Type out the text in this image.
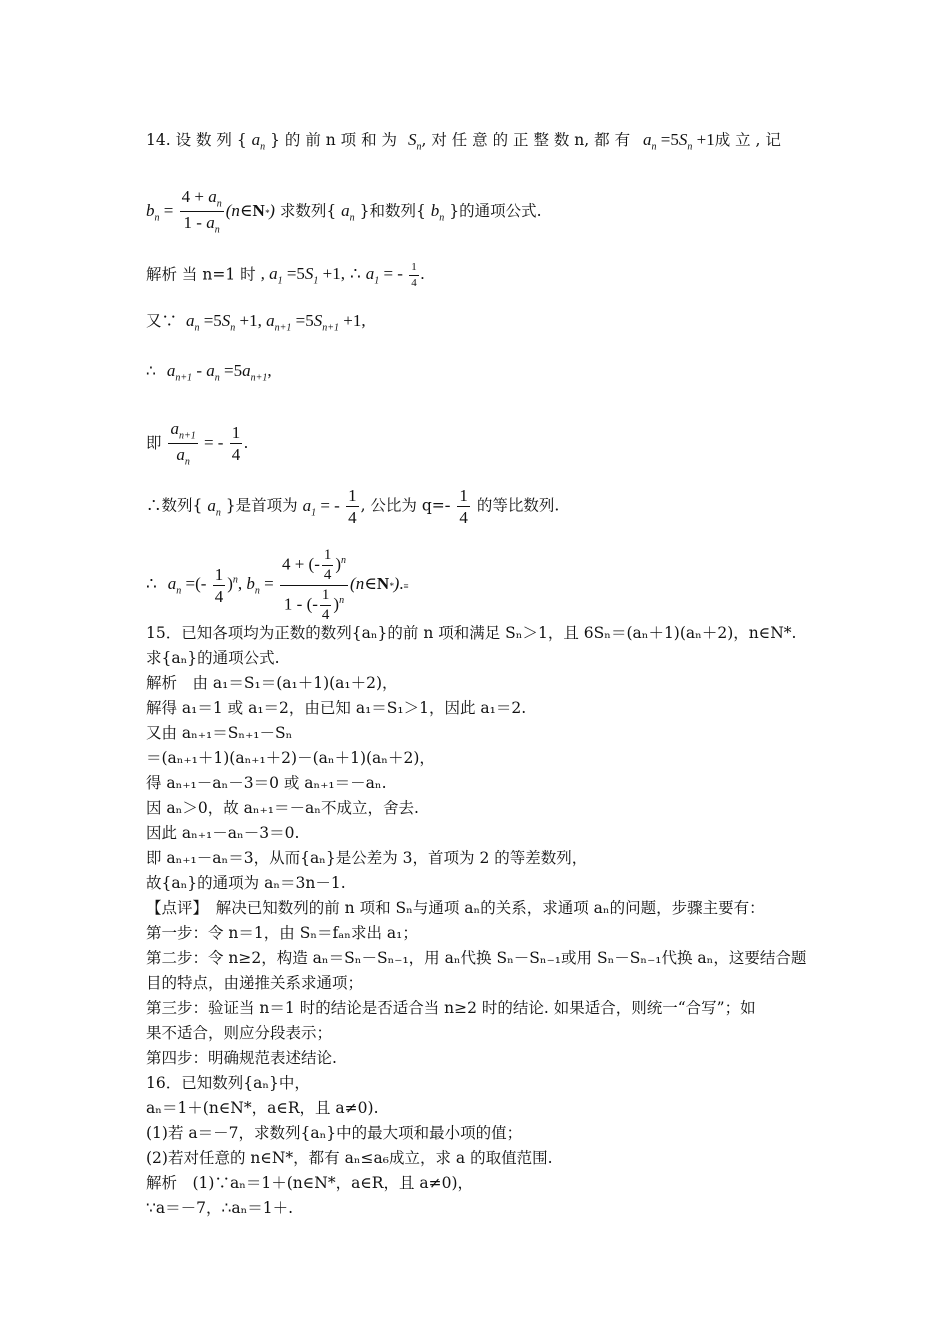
14. 设 数 列 { $a_n$ } 的 前 n 项 和 为 $S_n$, 对 任 意 的 正 整 数 n, 都 有 $a_n =5S_n +1$成 立 , 记
$b_n = \frac{4 + a_n}{1 - a_n}$ (n∈N*) 求数列{ $a_n$ }和数列{ $b_n$ }的通项公式.
解析 当 n=1 时 , $a_1 =5S_1 +1$, ∴ $a_1$ = - $\frac{1}{4}$ .
又∵ $a_n =5S_n +1$, $a_{n+1} =5S_{n+1} +1$,
∴ $a_{n+1} - a_n =5a_{n+1}$,
即 $\frac{a_{n+1}}{a_n}$ = - $\frac{1}{4}$ .
∴数列{ $a_n$ }是首项为 $a_1$ = - $\frac{1}{4}$ , 公比为 $q=- \frac{1}{4}$ 的等比数列.
∴ $a_n$ =(- $\frac{1}{4} )^n$, $b_n = \frac{4 + (- \frac{1}{4} )^n}{1 - (- \frac{1}{4} )^n}$ (n∈N*).≡
15．已知各项均为正数的数列{aₙ}的前 n 项和满足 Sₙ＞1，且 6Sₙ＝(aₙ＋1)(aₙ＋2)，n∈N*.
求{aₙ}的通项公式.
解析　由 a₁＝S₁＝(a₁＋1)(a₁＋2)，
解得 a₁＝1 或 a₁＝2，由已知 a₁＝S₁＞1，因此 a₁＝2.
又由 aₙ₊₁＝Sₙ₊₁－Sₙ
＝(aₙ₊₁＋1)(aₙ₊₁＋2)－(aₙ＋1)(aₙ＋2)，
得 aₙ₊₁－aₙ－3＝0 或 aₙ₊₁＝－aₙ.
因 aₙ＞0，故 aₙ₊₁＝－aₙ不成立，舍去.
因此 aₙ₊₁－aₙ－3＝0.
即 aₙ₊₁－aₙ＝3，从而{aₙ}是公差为 3，首项为 2 的等差数列，
故{aₙ}的通项为 aₙ＝3n－1.
【点评】　解决已知数列的前 n 项和 Sₙ与通项 aₙ的关系，求通项 aₙ的问题，步骤主要有：
第一步：令 n＝1，由 Sₙ＝fₐₙ求出 a₁；
第二步：令 n≥2，构造 aₙ＝Sₙ－Sₙ₋₁，用 aₙ代换 Sₙ－Sₙ₋₁或用 Sₙ－Sₙ₋₁代换 aₙ，这要结合题
目的特点，由递推关系求通项；
第三步：验证当 n＝1 时的结论是否适合当 n≥2 时的结论. 如果适合，则统一“合写”；如
果不适合，则应分段表示；
第四步：明确规范表述结论.
16．已知数列{aₙ}中，
aₙ＝1＋(n∈N*，a∈R，且 a≠0).
(1)若 a＝－7，求数列{aₙ}中的最大项和最小项的值；
(2)若对任意的 n∈N*，都有 aₙ≤a₆成立，求 a 的取值范围.
解析　(1)∵aₙ＝1＋(n∈N*，a∈R，且 a≠0)，
∵a＝－7，∴aₙ＝1＋.
